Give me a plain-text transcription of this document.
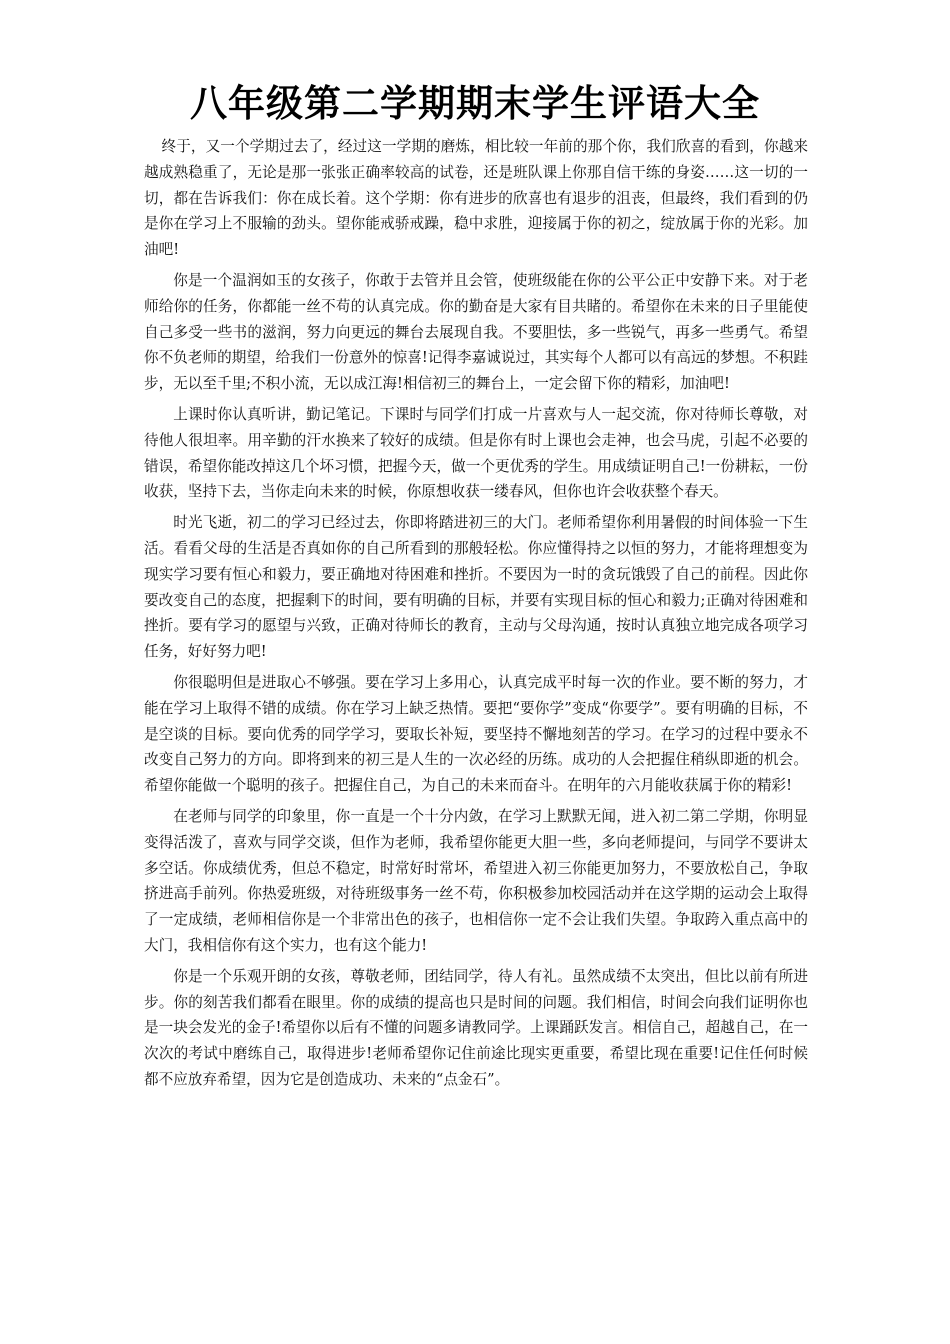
八年级第二学期期末学生评语大全

终于，又一个学期过去了，经过这一学期的磨炼，相比较一年前的那个你，我们欣喜的看到，你越来越成熟稳重了，无论是那一张张正确率较高的试卷，还是班队课上你那自信干练的身姿……这一切的一切，都在告诉我们：你在成长着。这个学期：你有进步的欣喜也有退步的沮丧，但最终，我们看到的仍是你在学习上不服输的劲头。望你能戒骄戒躁，稳中求胜，迎接属于你的初之，绽放属于你的光彩。加油吧!

你是一个温润如玉的女孩子，你敢于去管并且会管，使班级能在你的公平公正中安静下来。对于老师给你的任务，你都能一丝不苟的认真完成。你的勤奋是大家有目共睹的。希望你在未来的日子里能使自己多受一些书的滋润，努力向更远的舞台去展现自我。不要胆怯，多一些锐气，再多一些勇气。希望你不负老师的期望，给我们一份意外的惊喜!记得李嘉诚说过，其实每个人都可以有高远的梦想。不积跬步，无以至千里;不积小流，无以成江海!相信初三的舞台上，一定会留下你的精彩，加油吧!

上课时你认真听讲，勤记笔记。下课时与同学们打成一片喜欢与人一起交流，你对待师长尊敬，对待他人很坦率。用辛勤的汗水换来了较好的成绩。但是你有时上课也会走神，也会马虎，引起不必要的错误，希望你能改掉这几个坏习惯，把握今天，做一个更优秀的学生。用成绩证明自己!一份耕耘，一份收获，坚持下去，当你走向未来的时候，你原想收获一缕春风，但你也许会收获整个春天。

时光飞逝，初二的学习已经过去，你即将踏进初三的大门。老师希望你利用暑假的时间体验一下生活。看看父母的生活是否真如你的自己所看到的那般轻松。你应懂得持之以恒的努力，才能将理想变为现实学习要有恒心和毅力，要正确地对待困难和挫折。不要因为一时的贪玩饿毁了自己的前程。因此你要改变自己的态度，把握剩下的时间，要有明确的目标，并要有实现目标的恒心和毅力;正确对待困难和挫折。要有学习的愿望与兴致，正确对待师长的教育，主动与父母沟通，按时认真独立地完成各项学习任务，好好努力吧!

你很聪明但是进取心不够强。要在学习上多用心，认真完成平时每一次的作业。要不断的努力，才能在学习上取得不错的成绩。你在学习上缺乏热情。要把“要你学”变成“你要学”。要有明确的目标，不是空谈的目标。要向优秀的同学学习，要取长补短，要坚持不懈地刻苦的学习。在学习的过程中要永不改变自己努力的方向。即将到来的初三是人生的一次必经的历练。成功的人会把握住稍纵即逝的机会。希望你能做一个聪明的孩子。把握住自己，为自己的未来而奋斗。在明年的六月能收获属于你的精彩!

在老师与同学的印象里，你一直是一个十分内敛，在学习上默默无闻，进入初二第二学期，你明显变得活泼了，喜欢与同学交谈，但作为老师，我希望你能更大胆一些，多向老师提问，与同学不要讲太多空话。你成绩优秀，但总不稳定，时常好时常坏，希望进入初三你能更加努力，不要放松自己，争取挤进高手前列。你热爱班级，对待班级事务一丝不苟，你积极参加校园活动并在这学期的运动会上取得了一定成绩，老师相信你是一个非常出色的孩子，也相信你一定不会让我们失望。争取跨入重点高中的大门，我相信你有这个实力，也有这个能力!

你是一个乐观开朗的女孩，尊敬老师，团结同学，待人有礼。虽然成绩不太突出，但比以前有所进步。你的刻苦我们都看在眼里。你的成绩的提高也只是时间的问题。我们相信，时间会向我们证明你也是一块会发光的金子!希望你以后有不懂的问题多请教同学。上课踊跃发言。相信自己，超越自己，在一次次的考试中磨练自己，取得进步!老师希望你记住前途比现实更重要，希望比现在重要!记住任何时候都不应放弃希望，因为它是创造成功、未来的“点金石”。
